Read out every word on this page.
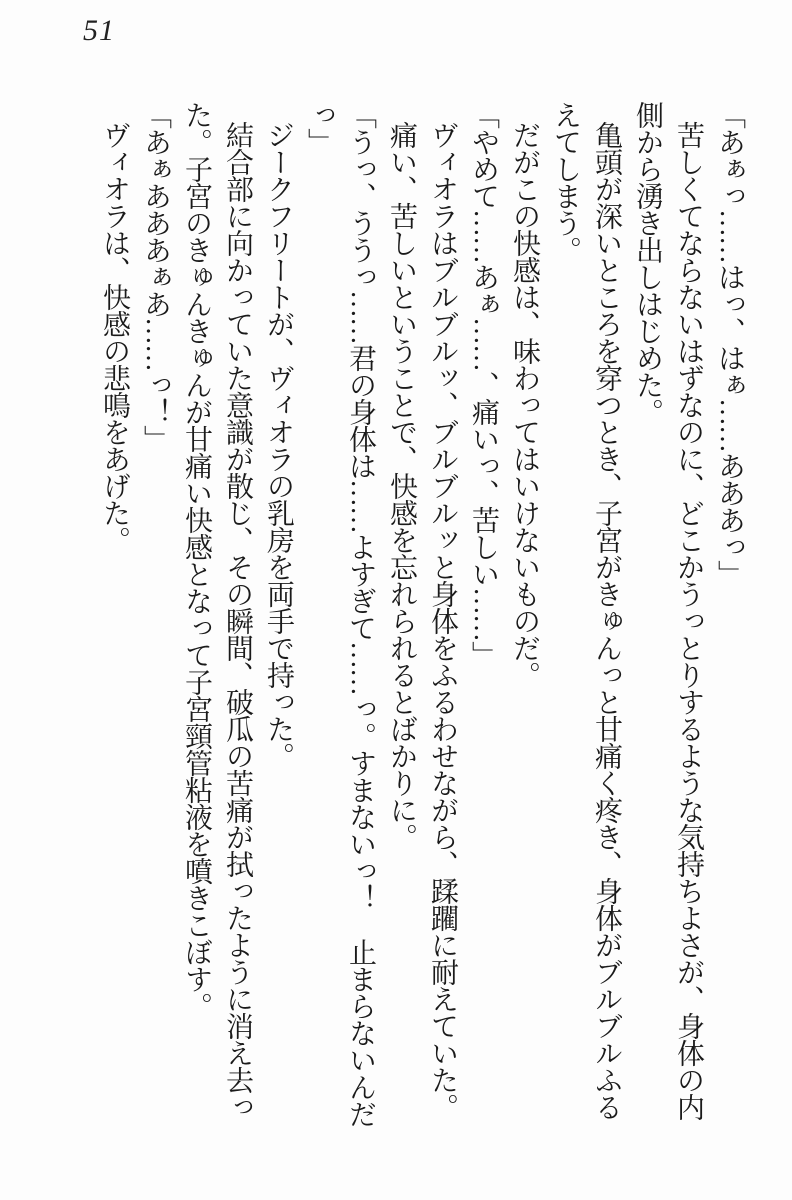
51

「あぁっ……はっ、はぁ……あああっ」

苦しくてならないはずなのに、どこかうっとりするような気持ちよさが、身体の内

側から湧き出しはじめた。

亀頭が深いところを穿つとき、子宮がきゅんっと甘痛く疼き、身体がブルブルふる

えてしまう。

だがこの快感は、味わってはいけないものだ。

「やめて……あぁ……、痛いっ、苦しい……」

ヴィオラはブルブルッ、ブルブルッと身体をふるわせながら、蹂躙に耐えていた。

痛い、苦しいということで、快感を忘れられるとばかりに。

「うっ、ううっ……君の身体は……よすぎて……っ。すまないっ！　止まらないんだ

っ」

ジークフリートが、ヴィオラの乳房を両手で持った。

結合部に向かっていた意識が散じ、その瞬間、破瓜の苦痛が拭ったように消え去っ

た。子宮のきゅんきゅんが甘痛い快感となって子宮頸管粘液を噴きこぼす。

「あぁあああぁあ……っ！」

ヴィオラは、快感の悲鳴をあげた。
